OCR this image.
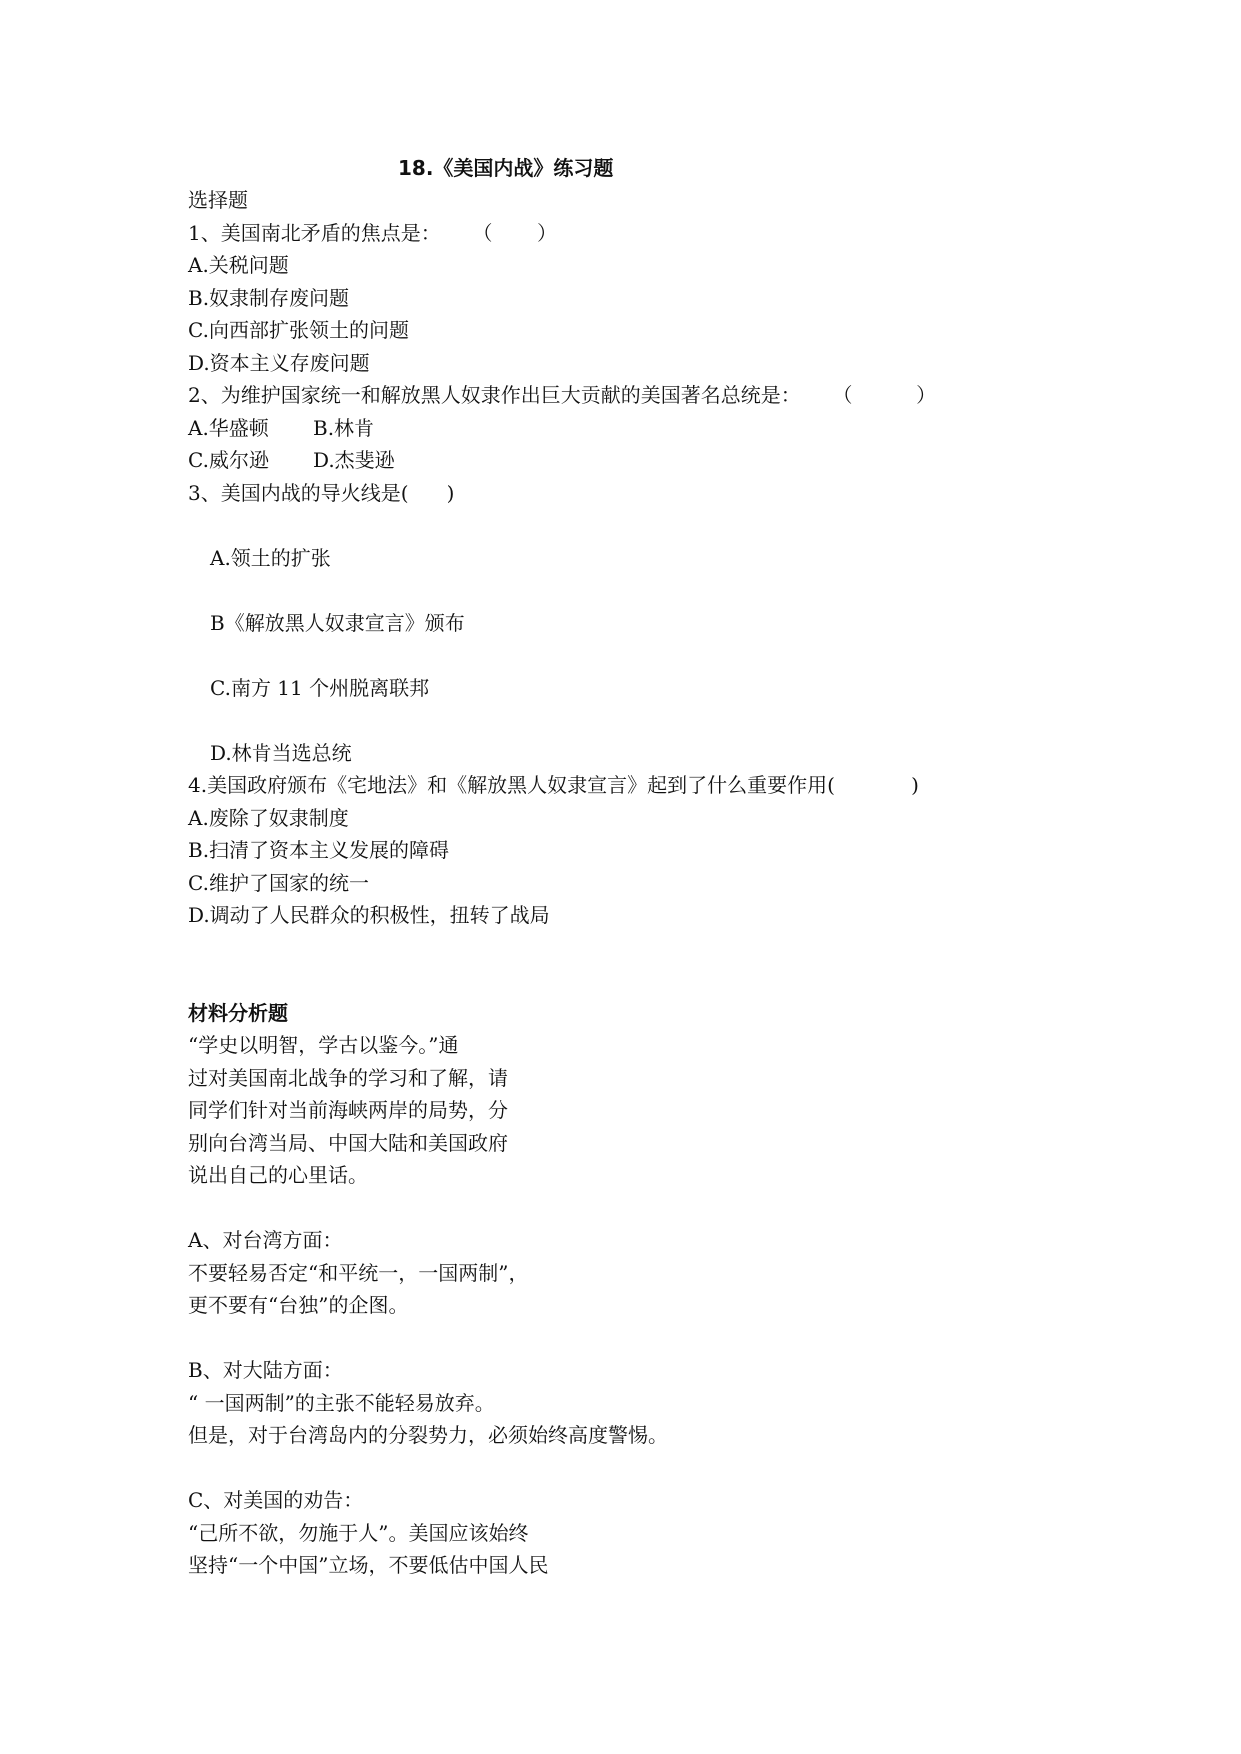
18.《美国内战》练习题
选择题
1、美国南北矛盾的焦点是：     （       ）
A.关税问题
B.奴隶制存废问题
C.向西部扩张领土的问题
D.资本主义存废问题
2、为维护国家统一和解放黑人奴隶作出巨大贡献的美国著名总统是：     （          ）
A.华盛顿 B.林肯
C.威尔逊 D.杰斐逊
3、美国内战的导火线是(      )
A.领土的扩张
B《解放黑人奴隶宣言》颁布
C.南方 11 个州脱离联邦
D.林肯当选总统
4.美国政府颁布《宅地法》和《解放黑人奴隶宣言》起到了什么重要作用(            )
A.废除了奴隶制度
B.扫清了资本主义发展的障碍
C.维护了国家的统一
D.调动了人民群众的积极性，扭转了战局
材料分析题
“学史以明智，学古以鉴今。”通
过对美国南北战争的学习和了解，请
同学们针对当前海峡两岸的局势，分
别向台湾当局、中国大陆和美国政府
说出自己的心里话。
A、对台湾方面：
不要轻易否定“和平统一，一国两制”，
更不要有“台独”的企图。
B、对大陆方面：
“ 一国两制”的主张不能轻易放弃。
但是，对于台湾岛内的分裂势力，必须始终高度警惕。
C、对美国的劝告：
“己所不欲，勿施于人”。美国应该始终
坚持“一个中国”立场，不要低估中国人民
